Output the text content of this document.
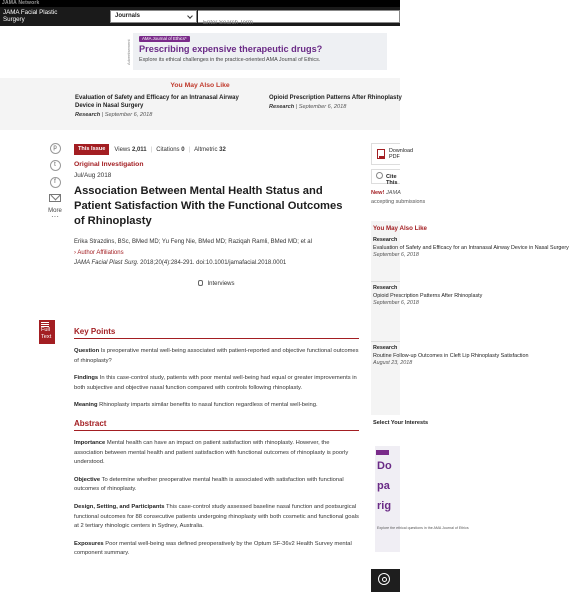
JAMA Network
JAMA Facial Plastic Surgery
Journals
Enter Search Term
Advertisement
AMA Journal of Ethics*
Prescribing expensive therapeutic drugs?
Explore its ethical challenges in the practice-oriented AMA Journal of Ethics.
You May Also Like
Evaluation of Safety and Efficacy for an Intranasal Airway Device in Nasal Surgery
Research | September 6, 2018
Opioid Prescription Patterns After Rhinoplasty
Research | September 6, 2018
p
t
f
More
···
Full
Text
This Issue	Views
2,011 | Citations
0 | Altmetric
32
Original Investigation
Jul/Aug 2018
Association Between Mental Health Status and Patient Satisfaction With the Functional Outcomes of Rhinoplasty
Erika Strazdins, BSc, BMed MD; Yu Feng Nie, BMed MD; Raziqah Ramli, BMed MD; et al
› Author Affiliations
JAMA Facial Plast Surg. 2018;20(4):284-291. doi:10.1001/jamafacial.2018.0001
Interviews
Key Points
Question Is preoperative mental well-being associated with patient-reported and objective functional outcomes of rhinoplasty?
Findings In this case-control study, patients with poor mental well-being had equal or greater improvements in both subjective and objective nasal function compared with controls following rhinoplasty.
Meaning Rhinoplasty imparts similar benefits to nasal function regardless of mental well-being.
Abstract
Importance Mental health can have an impact on patient satisfaction with rhinoplasty. However, the association between mental health and patient satisfaction with functional outcomes of rhinoplasty is poorly understood.
Objective To determine whether preoperative mental health is associated with satisfaction with functional outcomes of rhinoplasty.
Design, Setting, and Participants This case-control study assessed baseline nasal function and postsurgical functional outcomes for 88 consecutive patients undergoing rhinoplasty with both cosmetic and functional goals at 2 tertiary rhinologic centers in Sydney, Australia.
Exposures Poor mental well-being was defined preoperatively by the Optum SF-36v2 Health Survey mental component summary.
Download PDF
Cite This
New! JAMA
accepting submissions
You May Also Like
Research
Evaluation of Safety and Efficacy for an Intranasal Airway Device in Nasal Surgery
September 6, 2018
Research
Opioid Prescription Patterns After Rhinoplasty
September 6, 2018
Research
Routine Follow-up Outcomes in Cleft Lip Rhinoplasty Satisfaction
August 23, 2018
Select Your Interests
Do
pa
rig
Explore the ethical questions in the AMA Journal of Ethics
